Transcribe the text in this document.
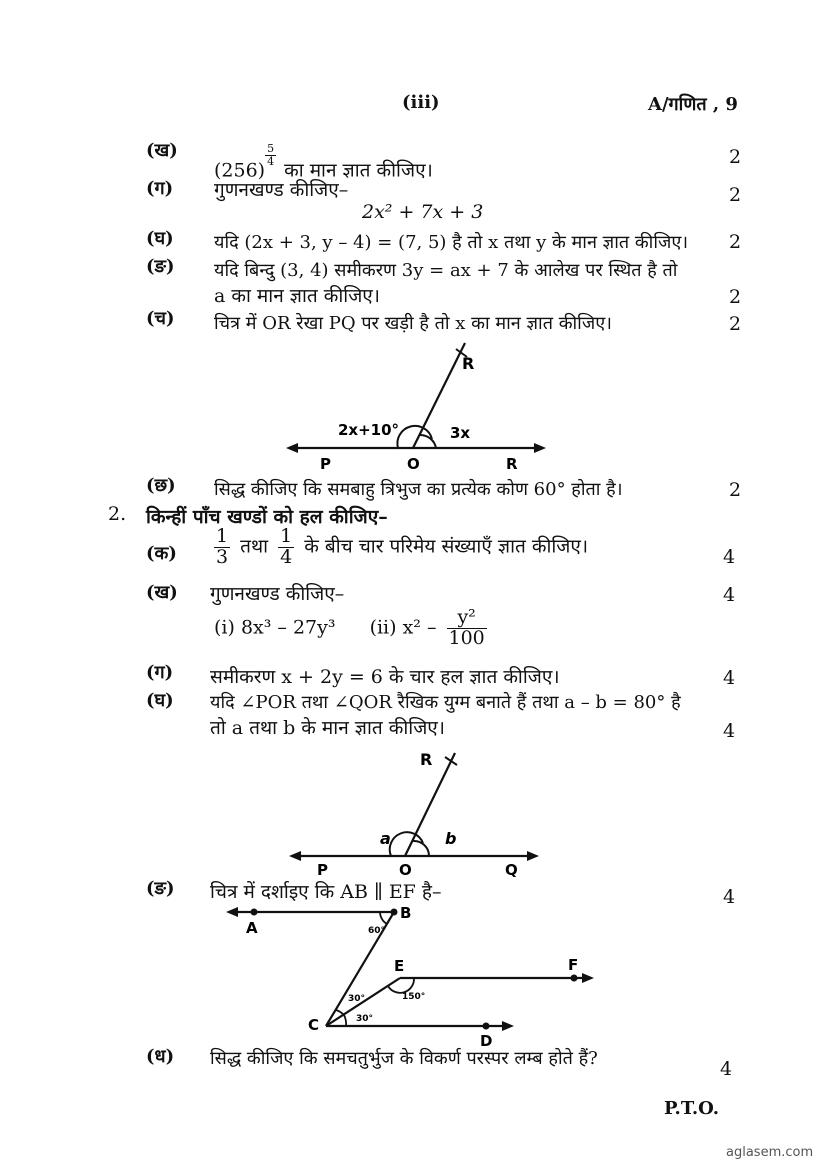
(iii)	A/गणित , 9
(ख)
(256)
$\frac{5}{4}$
का मान ज्ञात कीजिए।
2
(ग) गुणनखण्ड कीजिए–
2x² + 7x + 3
2
(घ) यदि (2x + 3, y – 4) = (7, 5) है तो x तथा y के मान ज्ञात कीजिए। 2
(ङ) यदि बिन्दु (3, 4) समीकरण 3y = ax + 7 के आलेख पर स्थित है तो
a का मान ज्ञात कीजिए।	2
(च) चित्र में OR रेखा PQ पर खड़ी है तो x का मान ज्ञात कीजिए।	2
R
2x+10°	3x
P	O	R
(छ) सिद्ध कीजिए कि समबाहु त्रिभुज का प्रत्येक कोण 60° होता है।	2
2. किन्हीं पाँच खण्डों को हल कीजिए–
(क) $\frac{1}{3}$ तथा $\frac{1}{4}$ के बीच चार परिमेय संख्याएँ ज्ञात कीजिए।	4
(ख) गुणनखण्ड कीजिए–	4
(i) 8x³ – 27y³ (ii) $x^2 - \frac{\text{y²}}{100}$
(ग) समीकरण x + 2y = 6 के चार हल ज्ञात कीजिए।	4
(घ) यदि ∠POR तथा ∠QOR रैखिक युग्म बनाते हैं तथा a – b = 80° है
तो a तथा b के मान ज्ञात कीजिए।	4
R
a	b
P	O	Q
(ङ) चित्र में दर्शाइए कि AB ∥ EF है–	4
A
B
E	F
C
D
60°
150°
30°
30°
(ध) सिद्ध कीजिए कि समचतुर्भुज के विकर्ण परस्पर लम्ब होते हैं?	4
P.T.O.
aglasem.com
